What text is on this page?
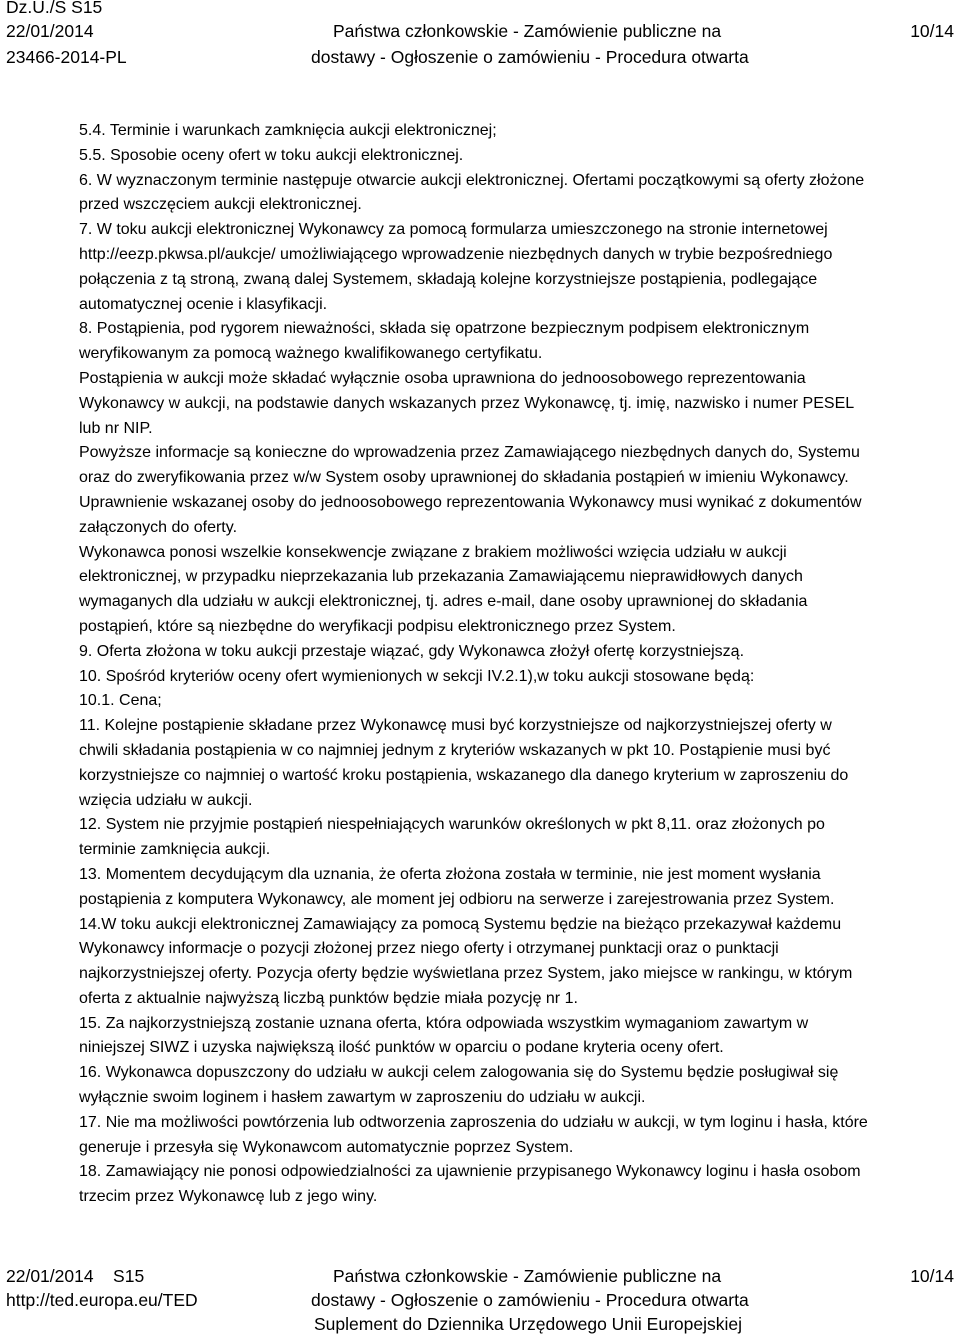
Dz.U./S S15
22/01/2014
23466-2014-PL
Państwa członkowskie - Zamówienie publiczne na
dostawy - Ogłoszenie o zamówieniu - Procedura otwarta
10/14

5.4. Terminie i warunkach zamknięcia aukcji elektronicznej;

5.5. Sposobie oceny ofert w toku aukcji elektronicznej.

6. W wyznaczonym terminie następuje otwarcie aukcji elektronicznej. Ofertami początkowymi są oferty złożone

przed wszczęciem aukcji elektronicznej.

7. W toku aukcji elektronicznej Wykonawcy za pomocą formularza umieszczonego na stronie internetowej

http://eezp.pkwsa.pl/aukcje/ umożliwiającego wprowadzenie niezbędnych danych w trybie bezpośredniego

połączenia z tą stroną, zwaną dalej Systemem, składają kolejne korzystniejsze postąpienia, podlegające

automatycznej ocenie i klasyfikacji.

8. Postąpienia, pod rygorem nieważności, składa się opatrzone bezpiecznym podpisem elektronicznym

weryfikowanym za pomocą ważnego kwalifikowanego certyfikatu.

Postąpienia w aukcji może składać wyłącznie osoba uprawniona do jednoosobowego reprezentowania

Wykonawcy w aukcji, na podstawie danych wskazanych przez Wykonawcę, tj. imię, nazwisko i numer PESEL

lub nr NIP.

Powyższe informacje są konieczne do wprowadzenia przez Zamawiającego niezbędnych danych do, Systemu

oraz do zweryfikowania przez w/w System osoby uprawnionej do składania postąpień w imieniu Wykonawcy.

Uprawnienie wskazanej osoby do jednoosobowego reprezentowania Wykonawcy musi wynikać z dokumentów

załączonych do oferty.

Wykonawca ponosi wszelkie konsekwencje związane z brakiem możliwości wzięcia udziału w aukcji

elektronicznej, w przypadku nieprzekazania lub przekazania Zamawiającemu nieprawidłowych danych

wymaganych dla udziału w aukcji elektronicznej, tj. adres e-mail, dane osoby uprawnionej do składania

postąpień, które są niezbędne do weryfikacji podpisu elektronicznego przez System.

9. Oferta złożona w toku aukcji przestaje wiązać, gdy Wykonawca złożył ofertę korzystniejszą.

10. Spośród kryteriów oceny ofert wymienionych w sekcji IV.2.1),w toku aukcji stosowane będą:

10.1. Cena;

11. Kolejne postąpienie składane przez Wykonawcę musi być korzystniejsze od najkorzystniejszej oferty w

chwili składania postąpienia w co najmniej jednym z kryteriów wskazanych w pkt 10. Postąpienie musi być

korzystniejsze co najmniej o wartość kroku postąpienia, wskazanego dla danego kryterium w zaproszeniu do

wzięcia udziału w aukcji.

12. System nie przyjmie postąpień niespełniających warunków określonych w pkt 8,11. oraz złożonych po

terminie zamknięcia aukcji.

13. Momentem decydującym dla uznania, że oferta złożona została w terminie, nie jest moment wysłania

postąpienia z komputera Wykonawcy, ale moment jej odbioru na serwerze i zarejestrowania przez System.

14.W toku aukcji elektronicznej Zamawiający za pomocą Systemu będzie na bieżąco przekazywał każdemu

Wykonawcy informacje o pozycji złożonej przez niego oferty i otrzymanej punktacji oraz o punktacji

najkorzystniejszej oferty. Pozycja oferty będzie wyświetlana przez System, jako miejsce w rankingu, w którym

oferta z aktualnie najwyższą liczbą punktów będzie miała pozycję nr 1.

15. Za najkorzystniejszą zostanie uznana oferta, która odpowiada wszystkim wymaganiom zawartym w

niniejszej SIWZ i uzyska największą ilość punktów w oparciu o podane kryteria oceny ofert.

16. Wykonawca dopuszczony do udziału w aukcji celem zalogowania się do Systemu będzie posługiwał się

wyłącznie swoim loginem i hasłem zawartym w zaproszeniu do udziału w aukcji.

17. Nie ma możliwości powtórzenia lub odtworzenia zaproszenia do udziału w aukcji, w tym loginu i hasła, które

generuje i przesyła się Wykonawcom automatycznie poprzez System.

18. Zamawiający nie ponosi odpowiedzialności za ujawnienie przypisanego Wykonawcy loginu i hasła osobom

trzecim przez Wykonawcę lub z jego winy.

22/01/2014 S15
http://ted.europa.eu/TED
Państwa członkowskie - Zamówienie publiczne na
dostawy - Ogłoszenie o zamówieniu - Procedura otwarta
Suplement do Dziennika Urzędowego Unii Europejskiej
10/14
